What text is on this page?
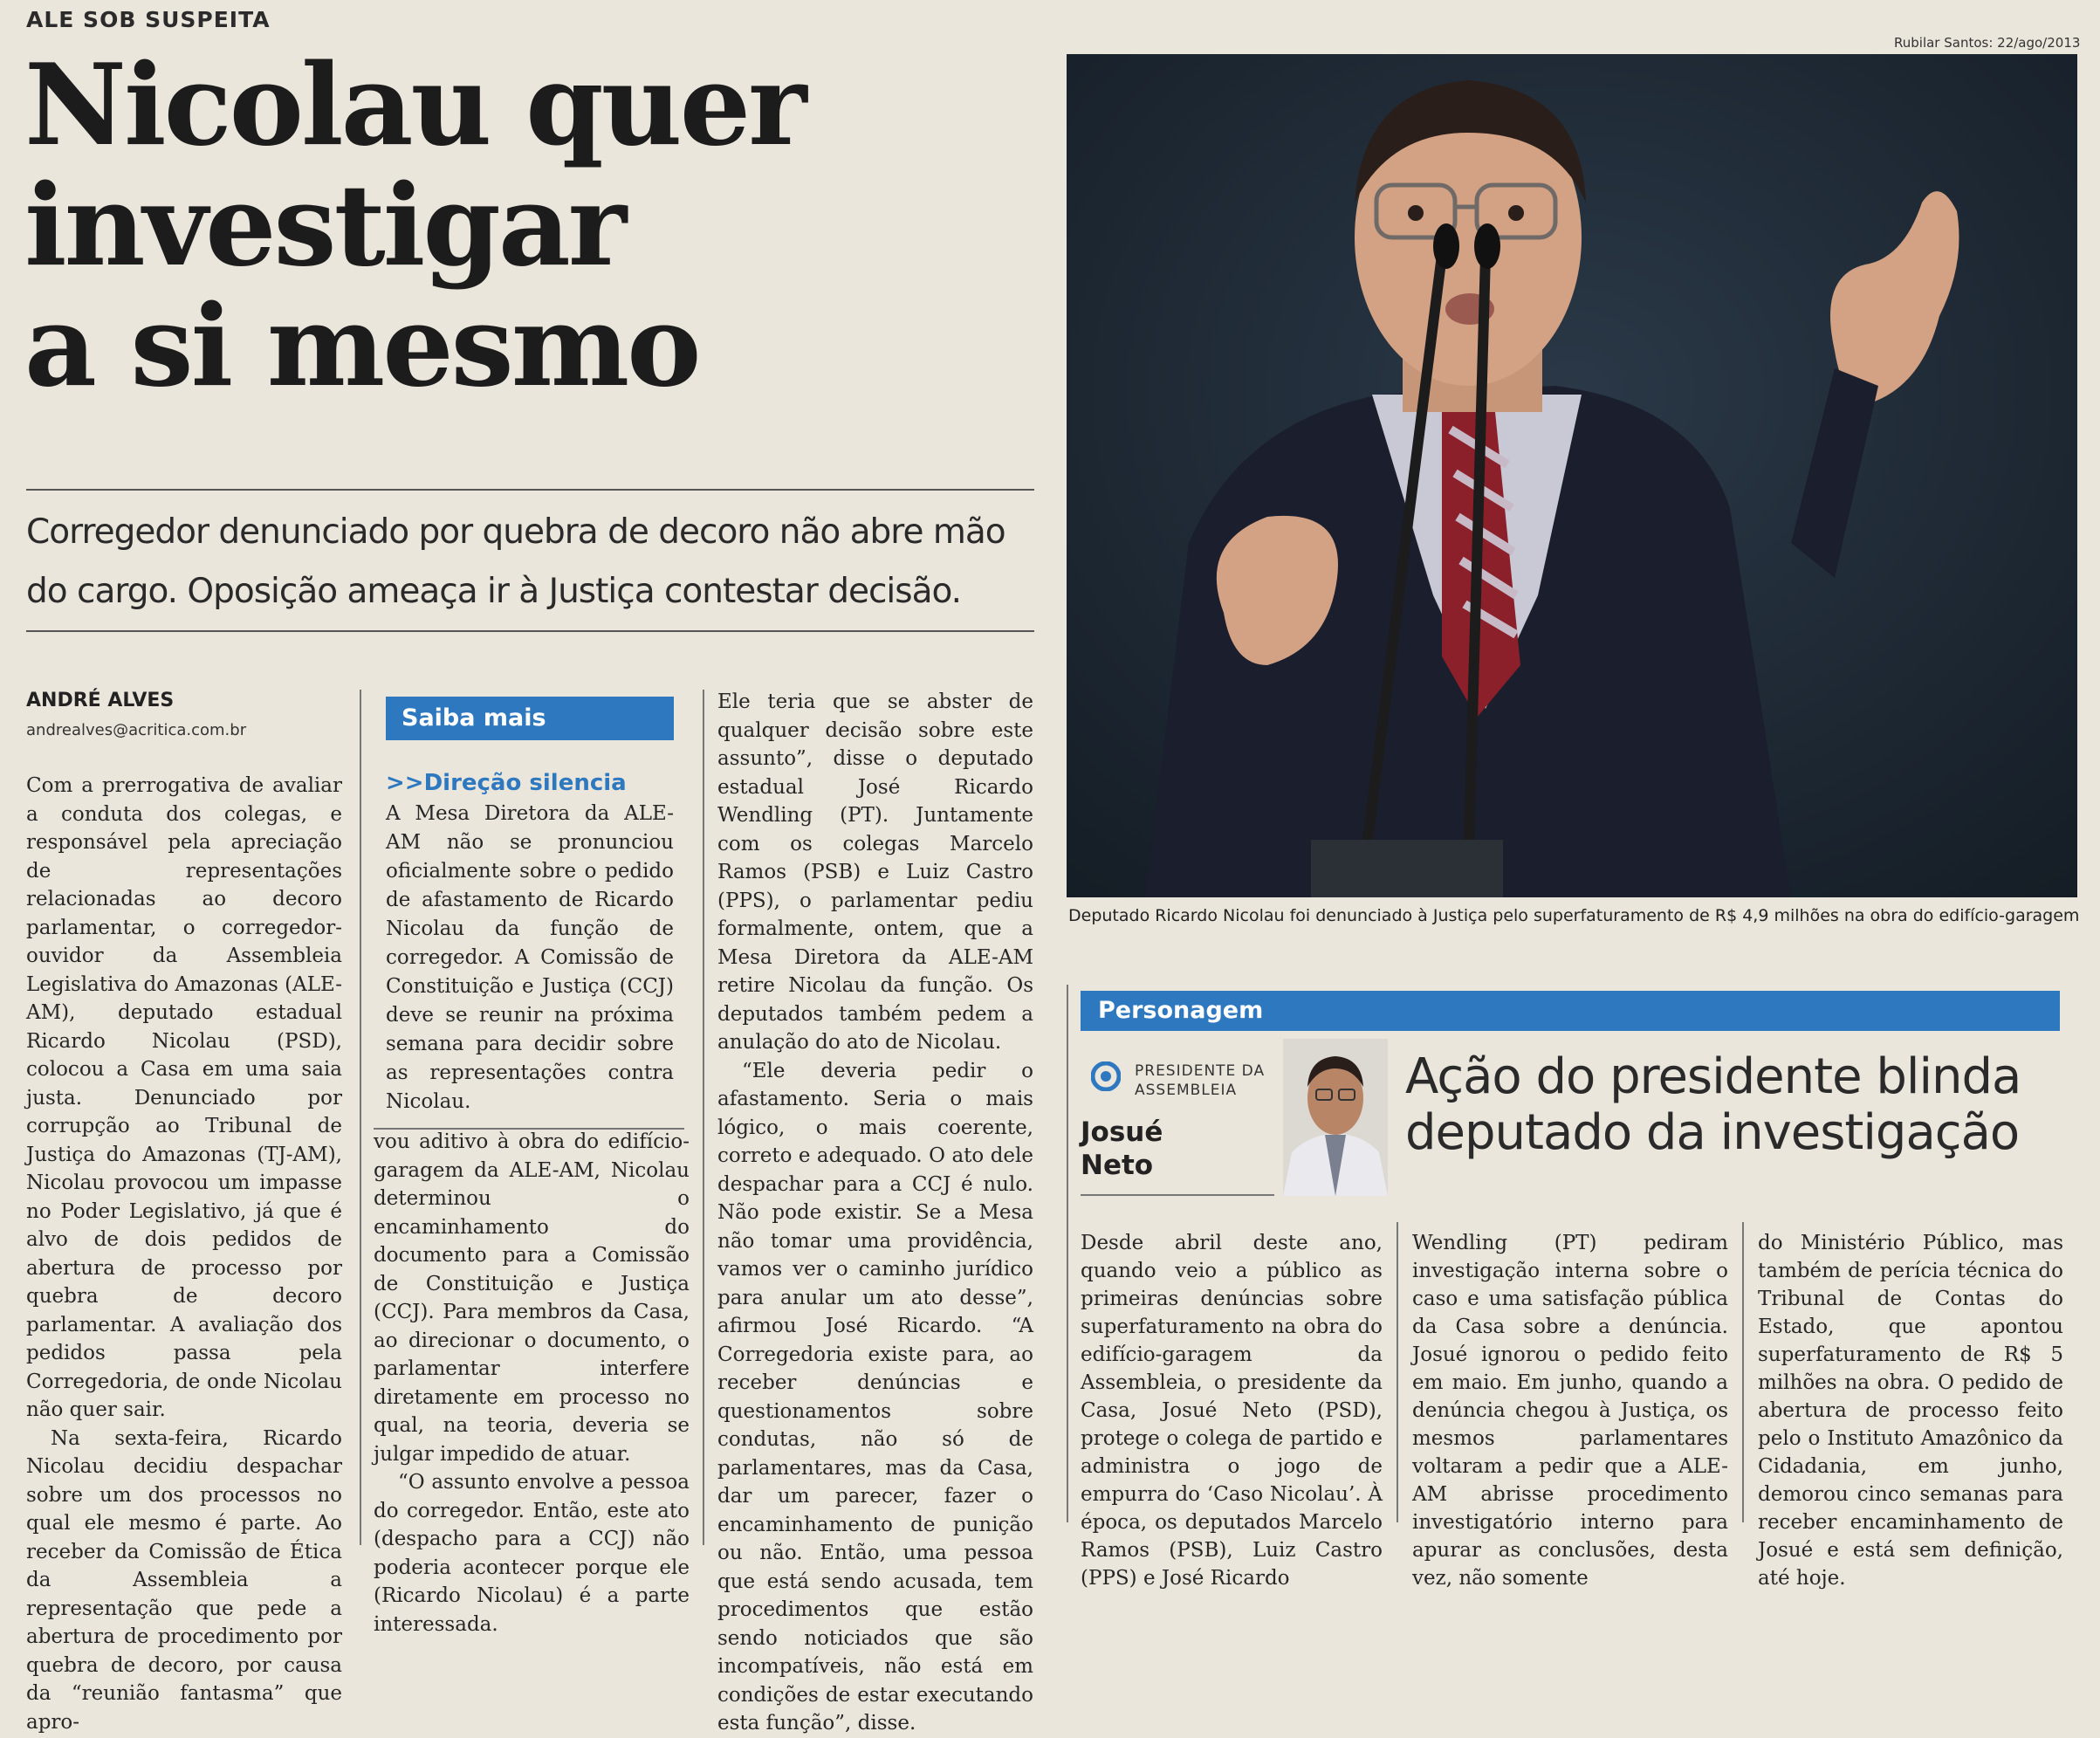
ALE SOB SUSPEITA
Nicolau quer
investigar
a si mesmo
Corregedor denunciado por quebra de decoro não abre mão
do cargo. Oposição ameaça ir à Justiça contestar decisão.
ANDRÉ ALVES
andrealves@acritica.com.br

Com a prerrogativa de avaliar a conduta dos colegas, e responsável pela apreciação de representações relacionadas ao decoro parlamentar, o corregedor-ouvidor da Assembleia Legislativa do Amazonas (ALE-AM), deputado estadual Ricardo Nicolau (PSD), colocou a Casa em uma saia justa. Denunciado por corrupção ao Tribunal de Justiça do Amazonas (TJ-AM), Nicolau provocou um impasse no Poder Legislativo, já que é alvo de dois pedidos de abertura de processo por quebra de decoro parlamentar. A avaliação dos pedidos passa pela Corregedoria, de onde Nicolau não quer sair.

Na sexta-feira, Ricardo Nicolau decidiu despachar sobre um dos processos no qual ele mesmo é parte. Ao receber da Comissão de Ética da Assembleia a representação que pede a abertura de procedimento por quebra de decoro, por causa da “reunião fantasma” que apro-

Saiba mais
>>Direção silencia

A Mesa Diretora da ALE-AM não se pronunciou oficialmente sobre o pedido de afastamento de Ricardo Nicolau da função de corregedor. A Comissão de Constituição e Justiça (CCJ) deve se reunir na próxima semana para decidir sobre as representações contra Nicolau.

vou aditivo à obra do edifício-garagem da ALE-AM, Nicolau determinou o encaminhamento do documento para a Comissão de Constituição e Justiça (CCJ). Para membros da Casa, ao direcionar o documento, o parlamentar interfere diretamente em processo no qual, na teoria, deveria se julgar impedido de atuar.

“O assunto envolve a pessoa do corregedor. Então, este ato (despacho para a CCJ) não poderia acontecer porque ele (Ricardo Nicolau) é a parte interessada.

Ele teria que se abster de qualquer decisão sobre este assunto”, disse o deputado estadual José Ricardo Wendling (PT). Juntamente com os colegas Marcelo Ramos (PSB) e Luiz Castro (PPS), o parlamentar pediu formalmente, ontem, que a Mesa Diretora da ALE-AM retire Nicolau da função. Os deputados também pedem a anulação do ato de Nicolau.

“Ele deveria pedir o afastamento. Seria o mais lógico, o mais coerente, correto e adequado. O ato dele despachar para a CCJ é nulo. Não pode existir. Se a Mesa não tomar uma providência, vamos ver o caminho jurídico para anular um ato desse”, afirmou José Ricardo. “A Corregedoria existe para, ao receber denúncias e questionamentos sobre condutas, não só de parlamentares, mas da Casa, dar um parecer, fazer o encaminhamento de punição ou não. Então, uma pessoa que está sendo acusada, tem procedimentos que estão sendo noticiados que são incompatíveis, não está em condições de estar executando esta função”, disse.

Rubilar Santos: 22/ago/2013
Deputado Ricardo Nicolau foi denunciado à Justiça pelo superfaturamento de R$ 4,9 milhões na obra do edifício-garagem
Personagem
PRESIDENTE DA
ASSEMBLEIA
Josué
Neto
Ação do presidente blinda
deputado da investigação
Desde abril deste ano, quando veio a público as primeiras denúncias sobre superfaturamento na obra do edifício-garagem da Assembleia, o presidente da Casa, Josué Neto (PSD), protege o colega de partido e administra o jogo de empurra do ‘Caso Nicolau’. À época, os deputados Marcelo Ramos (PSB), Luiz Castro (PPS) e José Ricardo
Wendling (PT) pediram investigação interna sobre o caso e uma satisfação pública da Casa sobre a denúncia. Josué ignorou o pedido feito em maio. Em junho, quando a denúncia chegou à Justiça, os mesmos parlamentares voltaram a pedir que a ALE-AM abrisse procedimento investigatório interno para apurar as conclusões, desta vez, não somente
do Ministério Público, mas também de perícia técnica do Tribunal de Contas do Estado, que apontou superfaturamento de R$ 5 milhões na obra. O pedido de abertura de processo feito pelo o Instituto Amazônico da Cidadania, em junho, demorou cinco semanas para receber encaminhamento de Josué e está sem definição, até hoje.
